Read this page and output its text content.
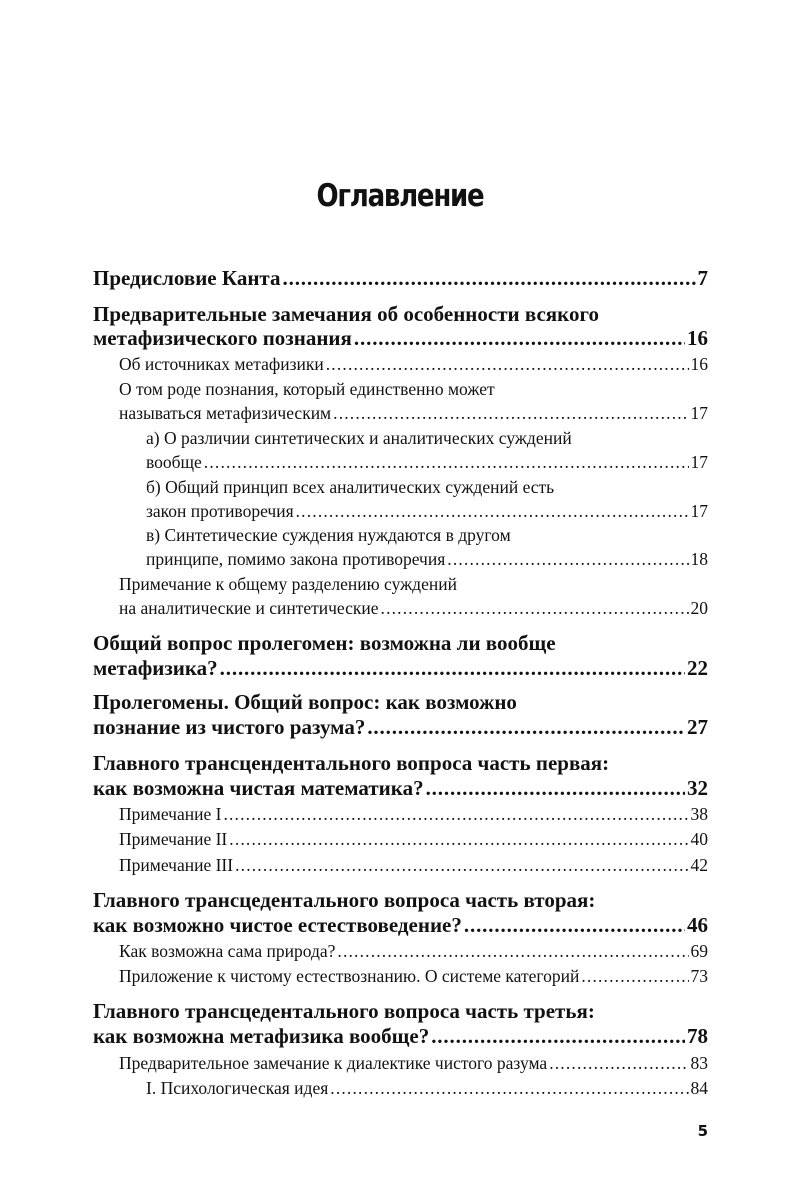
Оглавление
Предисловие Канта . . .	7
Предварительные замечания об особенности всякого
метафизического познания . . .	16
Об источниках метафизики . . .	16
О том роде познания, который единственно может
называться метафизическим . . .	17
а) О различии синтетических и аналитических суждений
вообще . . .	17
б) Общий принцип всех аналитических суждений есть
закон противоречия . . .	17
в) Синтетические суждения нуждаются в другом
принципе, помимо закона противоречия . . .	18
Примечание к общему разделению суждений
на аналитические и синтетические . . .	20
Общий вопрос пролегомен: возможна ли вообще
метафизика? . . .	22
Пролегомены. Общий вопрос: как возможно
познание из чистого разума? . . .	27
Главного трансцендентального вопроса часть первая:
как возможна чистая математика? . . .	32
Примечание I . . .	38
Примечание II . . .	40
Примечание III . . .	42
Главного трансцедентального вопроса часть вторая:
как возможно чистое естествоведение? . . .	46
Как возможна сама природа? . . .	69
Приложение к чистому естествознанию. О системе категорий . . .	73
Главного трансцедентального вопроса часть третья:
как возможна метафизика вообще? . . .	78
Предварительное замечание к диалектике чистого разума . . .	83
I. Психологическая идея . . .	84
5
